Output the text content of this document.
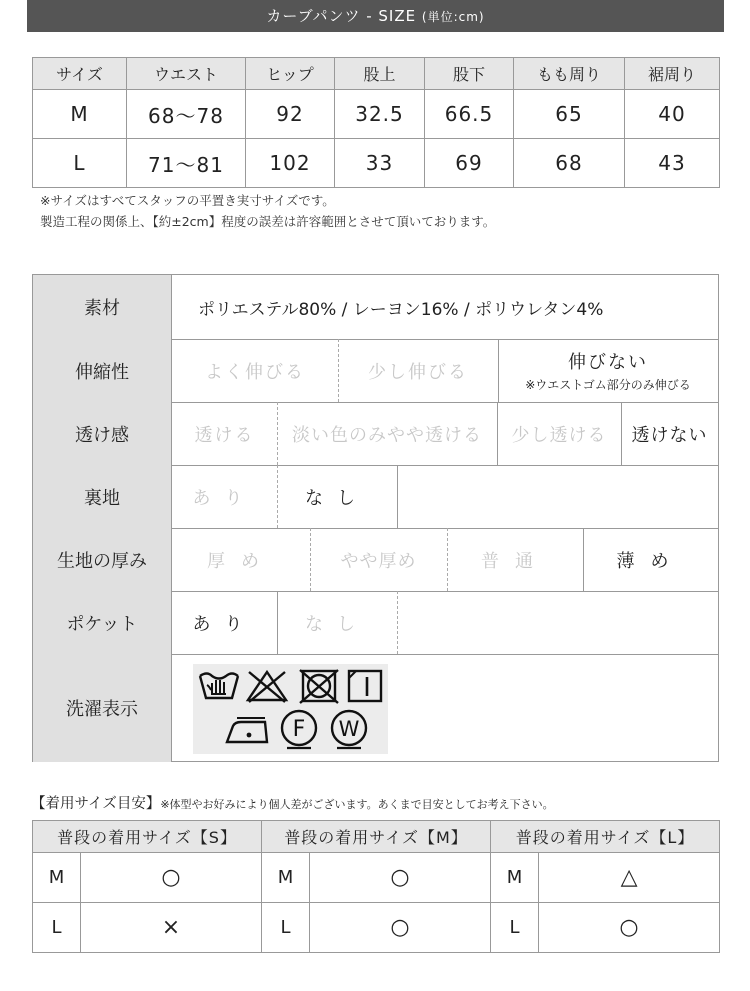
カーブパンツ - SIZE (単位:cm)
サイズ	ウエスト	ヒップ	股上	股下	もも周り	裾周り
M	68〜78	92	32.5	66.5	65	40
L	71〜81	102	33	69	68	43
※サイズはすべてスタッフの平置き実寸サイズです。
製造工程の関係上、【約±2cm】程度の誤差は許容範囲とさせて頂いております。
素材	ポリエステル80% / レーヨン16% / ポリウレタン4%
伸縮性	よく伸びる	少し伸びる	伸びない
※ウエストゴム部分のみ伸びる
透け感	透ける	淡い色のみやや透ける	少し透ける	透けない
裏地	あり	なし
生地の厚み	厚め	やや厚め	普通	薄め
ポケット	あり	なし
洗濯表示
F W
【着用サイズ目安】※体型やお好みにより個人差がございます。あくまで目安としてお考え下さい。
普段の着用サイズ【S】		普段の着用サイズ【M】		普段の着用サイズ【L】	
M	○	M	○	M	△
L	×	L	○	L	○
